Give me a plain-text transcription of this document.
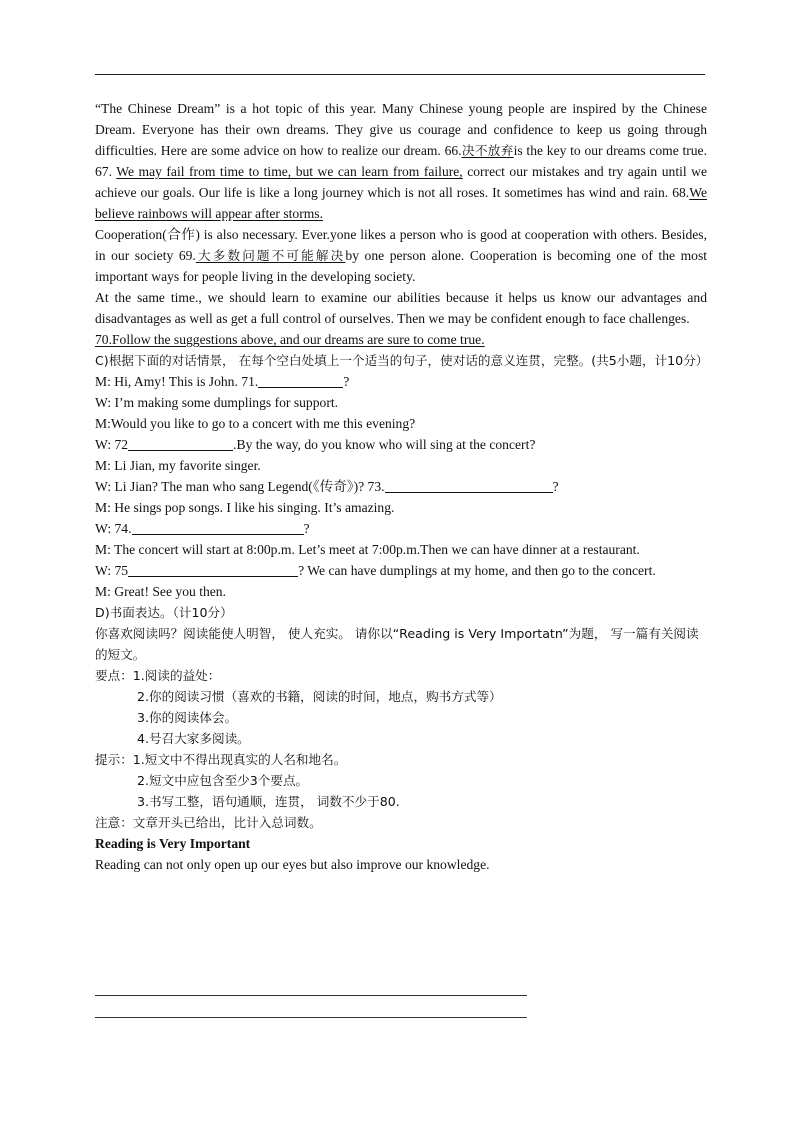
“The Chinese Dream” is a hot topic of this year. Many Chinese young people are inspired by the Chinese Dream. Everyone has their own dreams. They give us courage and confidence to keep us going through difficulties. Here are some advice on how to realize our dream. 66.决不放弃is the key to our dreams come true. 67. We may fail from time to time, but we can learn from failure, correct our mistakes and try again until we achieve our goals. Our life is like a long journey which is not all roses. It sometimes has wind and rain. 68.We believe rainbows will appear after storms.

Cooperation(合作) is also necessary. Ever.yone likes a person who is good at cooperation with others. Besides, in our society 69.大多数问题不可能解决by one person alone. Cooperation is becoming one of the most important ways for people living in the developing society.

At the same time., we should learn to examine our abilities because it helps us know our advantages and disadvantages as well as get a full control of ourselves. Then we may be confident enough to face challenges.

70.Follow the suggestions above, and our dreams are sure to come true.

C)根据下面的对话情景， 在每个空白处填上一个适当的句子，使对话的意义连贯，完整。(共5小题，计10分）

M: Hi, Amy! This is John. 71.	?

W: I’m making some dumplings for support.

M:Would you like to go to a concert with me this evening?

W: 72	.By the way, do you know who will sing at the concert?

M: Li Jian, my favorite singer.

W: Li Jian? The man who sang Legend(《传奇》)? 73.	?

M: He sings pop songs. I like his singing. It’s amazing.

W: 74.	?

M: The concert will start at 8:00p.m. Let’s meet at 7:00p.m.Then we can have dinner at a restaurant.

W: 75	? We can have dumplings at my home, and then go to the concert.

M: Great! See you then.

D)书面表达。（计10分）

你喜欢阅读吗？阅读能使人明智， 使人充实。 请你以“Reading is Very Importatn”为题， 写一篇有关阅读的短文。

要点：1.阅读的益处：

2.你的阅读习惯（喜欢的书籍，阅读的时间，地点，购书方式等）

3.你的阅读体会。

4.号召大家多阅读。

提示：1.短文中不得出现真实的人名和地名。

2.短文中应包含至少3个要点。

3.书写工整，语句通顺，连贯， 词数不少于80.

注意：文章开头已给出，比计入总词数。

Reading is Very Important

Reading can not only open up our eyes but also improve our knowledge.
